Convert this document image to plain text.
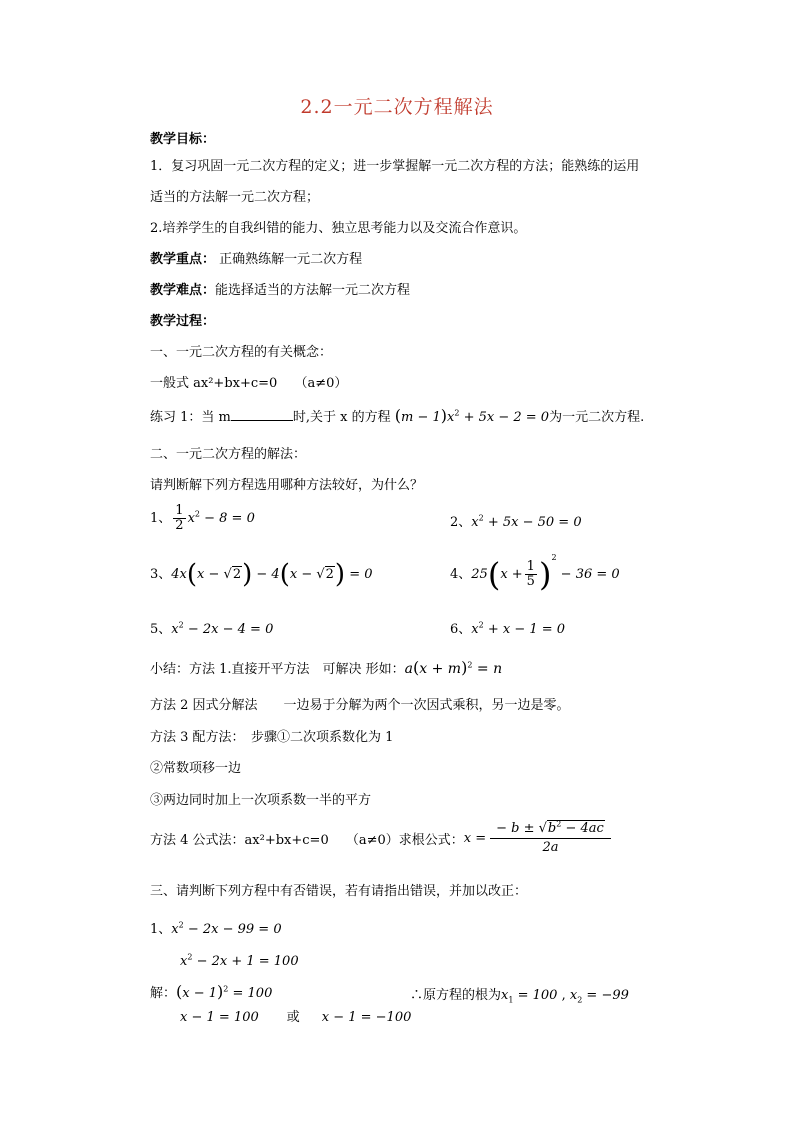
2.2一元二次方程解法
教学目标：
1．复习巩固一元二次方程的定义；进一步掌握解一元二次方程的方法；能熟练的运用
适当的方法解一元二次方程；
2.培养学生的自我纠错的能力、独立思考能力以及交流合作意识。
教学重点： 正确熟练解一元二次方程
教学难点：能选择适当的方法解一元二次方程
教学过程：
一、一元二次方程的有关概念：
一般式 ax²+bx+c=0　 （a≠0）
练习 1：当 m	时,关于 x 的方程 $(m - 1)x^2 + 5x - 2 = 0$为一元二次方程.
二、一元二次方程的解法：
请判断解下列方程选用哪种方法较好，为什么？
1、 $\frac{1}{2} x^2 - 8 = 0$	2、$x^2 + 5x - 50 = 0$
3、4x(x − √2) − 4(x − √2) = 0	4、$25(x + \frac{1}{5} )^2 - 36 = 0$
5、$x^2 - 2x - 4 = 0$	6、$x^2 + x - 1 = 0$
小结：方法 1.直接开平方法　可解决 形如：$a(x + m)^2 = n$
方法 2 因式分解法　　一边易于分解为两个一次因式乘积，另一边是零。
方法 3 配方法：　步骤①二次项系数化为 1
②常数项移一边
③两边同时加上一次项系数一半的平方
方法 4 公式法：ax²+bx+c=0　 （a≠0）求根公式：$x = \frac{- b \pm √b^2 - 4ac}{2a}$
三、请判断下列方程中有否错误，若有请指出错误，并加以改正：
1、$x^2 - 2x - 99 = 0$
$x^2 - 2x + 1 = 100$
解：$(x - 1)^2 = 100$	∴原方程的根为$x_1 = 100$ , $x_2 = -99$
x − 1 = 100 或 x − 1 = −100
